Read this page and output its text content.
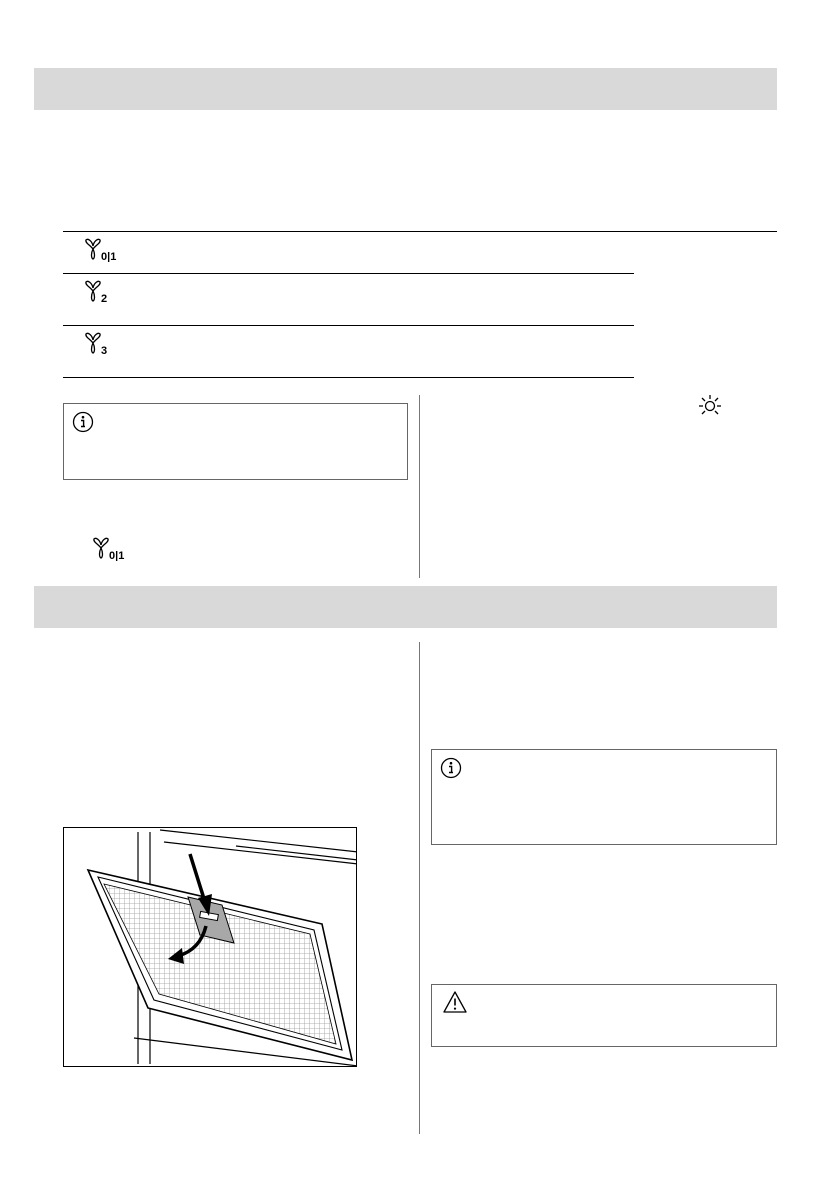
0|1
2
3
0|1
